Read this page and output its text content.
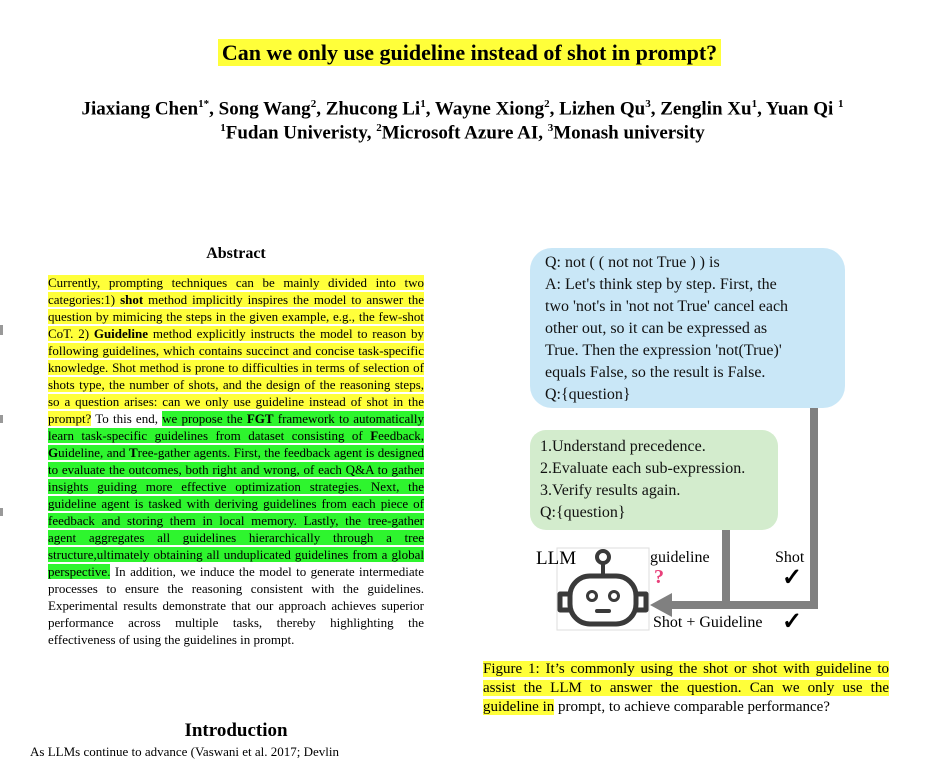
Can we only use guideline instead of shot in prompt?
Jiaxiang Chen$^{1*}$, Song Wang$^2$, Zhucong Li$^1$, Wayne Xiong$^2$, Lizhen Qu$^3$, Zenglin Xu$^1$, Yuan Qi $^1$
$^1$Fudan Univeristy, $^2$Microsoft Azure AI, $^3$Monash university
Abstract
Currently, prompting techniques can be mainly divided into two categories:1) shot method implicitly inspires the model to answer the question by mimicing the steps in the given example, e.g., the few-shot CoT. 2) Guideline method explicitly instructs the model to reason by following guidelines, which contains succinct and concise task-specific knowledge. Shot method is prone to difficulties in terms of selection of shots type, the number of shots, and the design of the reasoning steps, so a question arises: can we only use guideline instead of shot in the prompt? To this end, we propose the FGT framework to automatically learn task-specific guidelines from dataset consisting of Feedback, Guideline, and Tree-gather agents. First, the feedback agent is designed to evaluate the outcomes, both right and wrong, of each Q&A to gather insights guiding more effective optimization strategies. Next, the guideline agent is tasked with deriving guidelines from each piece of feedback and storing them in local memory. Lastly, the tree-gather agent aggregates all guidelines hierarchically through a tree structure,ultimately obtaining all unduplicated guidelines from a global perspective. In addition, we induce the model to generate intermediate processes to ensure the reasoning consistent with the guidelines. Experimental results demonstrate that our approach achieves superior performance across multiple tasks, thereby highlighting the effectiveness of using the guidelines in prompt.
Introduction
As LLMs continue to advance (Vaswani et al. 2017; Devlin
Q: not ( ( not not True ) ) is
A: Let's think step by step. First, the
two 'not's in 'not not True' cancel each
other out, so it can be expressed as
True. Then the expression 'not(True)'
equals False, so the result is False.
Q:{question}
1.Understand precedence.
2.Evaluate each sub-expression.
3.Verify results again.
Q:{question}
LLM	guideline
?
Shot
✓
Shot + Guideline ✓
Figure 1: It’s commonly using the shot or shot with guideline to assist the LLM to answer the question. Can we only use the guideline in prompt, to achieve comparable performance?
